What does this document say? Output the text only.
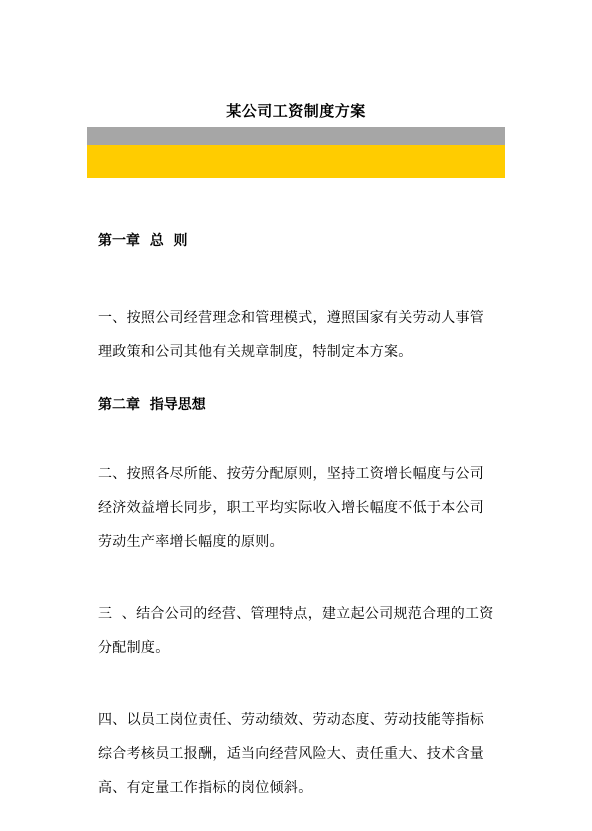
某公司工资制度方案
第一章  总  则
一、按照公司经营理念和管理模式，遵照国家有关劳动人事管
理政策和公司其他有关规章制度，特制定本方案。
第二章  指导思想
二、按照各尽所能、按劳分配原则，坚持工资增长幅度与公司
经济效益增长同步，职工平均实际收入增长幅度不低于本公司
劳动生产率增长幅度的原则。
三  、结合公司的经营、管理特点，建立起公司规范合理的工资
分配制度。
四、以员工岗位责任、劳动绩效、劳动态度、劳动技能等指标
综合考核员工报酬，适当向经营风险大、责任重大、技术含量
高、有定量工作指标的岗位倾斜。
